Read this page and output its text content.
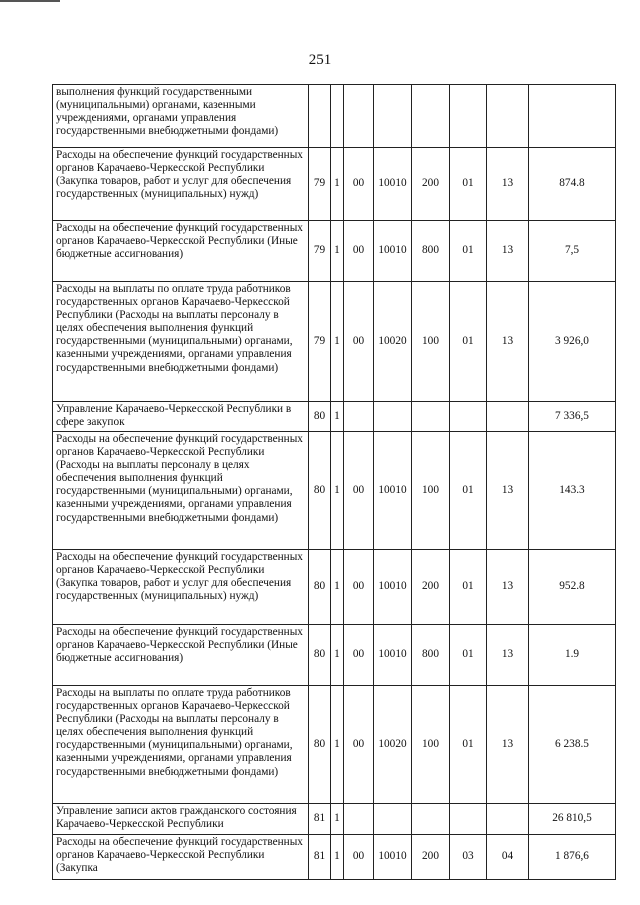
251
выполнения функций государственными (муниципальными) органами, казенными учреждениями, органами управления государственными внебюджетными фондами)								
Расходы на обеспечение функций государственных органов Карачаево-Черкесской Республики (Закупка товаров, работ и услуг для обеспечения государственных (муниципальных) нужд)	79	1	00	10010	200	01	13	874.8
Расходы на обеспечение функций государственных органов Карачаево-Черкесской Республики (Иные бюджетные ассигнования)	79	1	00	10010	800	01	13	7,5
Расходы на выплаты по оплате труда работников государственных органов Карачаево-Черкесской Республики (Расходы на выплаты персоналу в целях обеспечения выполнения функций государственными (муниципальными) органами, казенными учреждениями, органами управления государственными внебюджетными фондами)	79	1	00	10020	100	01	13	3 926,0
Управление Карачаево-Черкесской Республики в сфере закупок	80	1						7 336,5
Расходы на обеспечение функций государственных органов Карачаево-Черкесской Республики (Расходы на выплаты персоналу в целях обеспечения выполнения функций государственными (муниципальными) органами, казенными учреждениями, органами управления государственными внебюджетными фондами)	80	1	00	10010	100	01	13	143.3
Расходы на обеспечение функций государственных органов Карачаево-Черкесской Республики (Закупка товаров, работ и услуг для обеспечения государственных (муниципальных) нужд)	80	1	00	10010	200	01	13	952.8
Расходы на обеспечение функций государственных органов Карачаево-Черкесской Республики (Иные бюджетные ассигнования)	80	1	00	10010	800	01	13	1.9
Расходы на выплаты по оплате труда работников государственных органов Карачаево-Черкесской Республики (Расходы на выплаты персоналу в целях обеспечения выполнения функций государственными (муниципальными) органами, казенными учреждениями, органами управления государственными внебюджетными фондами)	80	1	00	10020	100	01	13	6 238.5
Управление записи актов гражданского состояния Карачаево-Черкесской Республики	81	1						26 810,5
Расходы на обеспечение функций государственных органов Карачаево-Черкесской Республики (Закупка	81	1	00	10010	200	03	04	1 876,6
